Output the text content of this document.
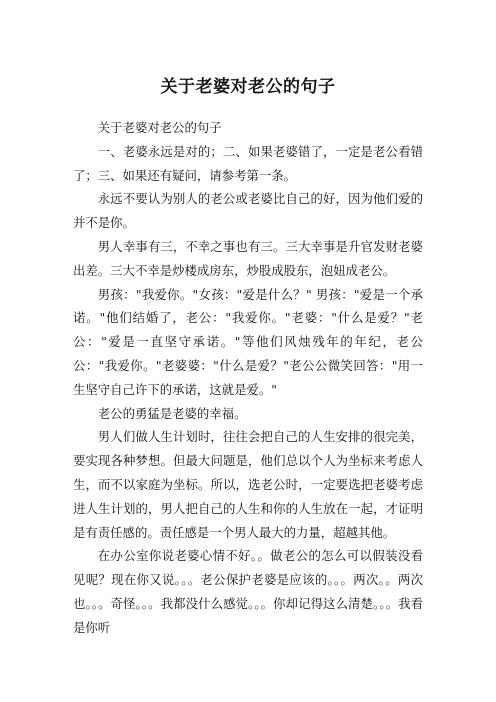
关于老婆对老公的句子

关于老婆对老公的句子

一、老婆永远是对的；二、如果老婆错了，一定是老公看错了；三、如果还有疑问，请参考第一条。

永远不要认为别人的老公或老婆比自己的好，因为他们爱的并不是你。

男人幸事有三，不幸之事也有三。三大幸事是升官发财老婆出差。三大不幸是炒楼成房东，炒股成股东，泡妞成老公。

男孩："我爱你。"女孩："爱是什么？" 男孩："爱是一个承诺。"他们结婚了，老公："我爱你。"老婆："什么是爱？"老公："爱是一直坚守承诺。"等他们风烛残年的年纪，老公公："我爱你。"老婆婆："什么是爱？"老公公微笑回答："用一生坚守自己许下的承诺，这就是爱。"

老公的勇猛是老婆的幸福。

男人们做人生计划时，往往会把自己的人生安排的很完美，要实现各种梦想。但最大问题是，他们总以个人为坐标来考虑人生，而不以家庭为坐标。所以，选老公时，一定要选把老婆考虑进人生计划的，男人把自己的人生和你的人生放在一起，才证明是有责任感的。责任感是一个男人最大的力量，超越其他。

在办公室你说老婆心情不好。。做老公的怎么可以假装没看见呢？现在你又说。。。老公保护老婆是应该的。。。两次。。两次也。。。奇怪。。。我都没什么感觉。。。你却记得这么清楚。。。我看是你听
